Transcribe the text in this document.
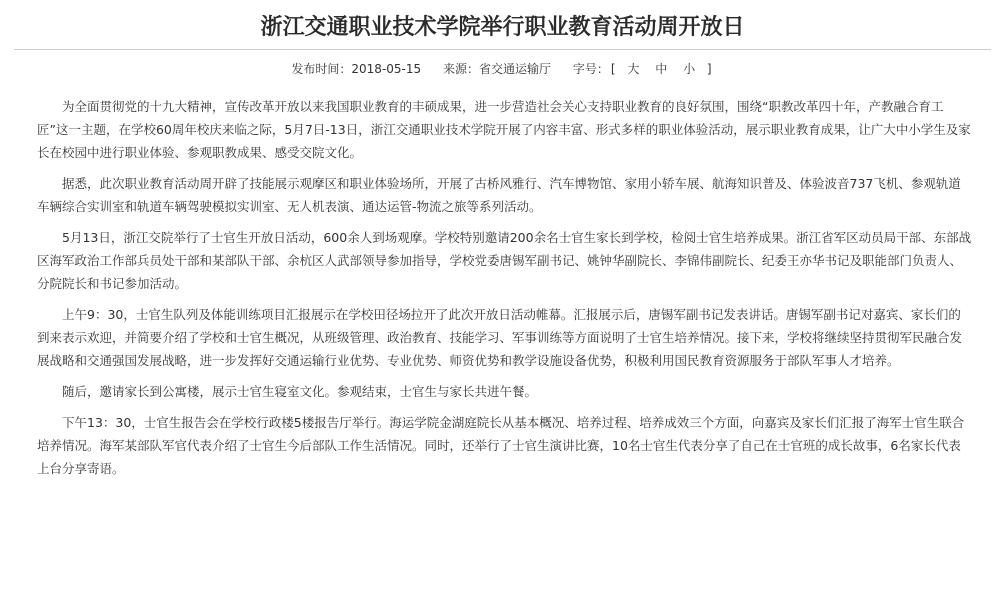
浙江交通职业技术学院举行职业教育活动周开放日
发布时间：2018-05-15 来源：省交通运输厅 字号： [ 大 中 小 ]

为全面贯彻党的十九大精神，宣传改革开放以来我国职业教育的丰硕成果，进一步营造社会关心支持职业教育的良好氛围，围绕“职教改革四十年，产教融合育工匠”这一主题，在学校60周年校庆来临之际，5月7日-13日，浙江交通职业技术学院开展了内容丰富、形式多样的职业体验活动，展示职业教育成果，让广大中小学生及家长在校园中进行职业体验、参观职教成果、感受交院文化。

据悉，此次职业教育活动周开辟了技能展示观摩区和职业体验场所，开展了古桥风雅行、汽车博物馆、家用小轿车展、航海知识普及、体验波音737飞机、参观轨道车辆综合实训室和轨道车辆驾驶模拟实训室、无人机表演、通达运管-物流之旅等系列活动。

5月13日，浙江交院举行了士官生开放日活动，600余人到场观摩。学校特别邀请200余名士官生家长到学校，检阅士官生培养成果。浙江省军区动员局干部、东部战区海军政治工作部兵员处干部和某部队干部、余杭区人武部领导参加指导，学校党委唐锡军副书记、姚钟华副院长、李锦伟副院长、纪委王亦华书记及职能部门负责人、分院院长和书记参加活动。

上午9：30，士官生队列及体能训练项目汇报展示在学校田径场拉开了此次开放日活动帷幕。汇报展示后，唐锡军副书记发表讲话。唐锡军副书记对嘉宾、家长们的到来表示欢迎，并简要介绍了学校和士官生概况，从班级管理、政治教育、技能学习、军事训练等方面说明了士官生培养情况。接下来，学校将继续坚持贯彻军民融合发展战略和交通强国发展战略，进一步发挥好交通运输行业优势、专业优势、师资优势和教学设施设备优势，积极利用国民教育资源服务于部队军事人才培养。

随后，邀请家长到公寓楼，展示士官生寝室文化。参观结束，士官生与家长共进午餐。

下午13：30，士官生报告会在学校行政楼5楼报告厅举行。海运学院金湖庭院长从基本概况、培养过程、培养成效三个方面，向嘉宾及家长们汇报了海军士官生联合培养情况。海军某部队军官代表介绍了士官生今后部队工作生活情况。同时，还举行了士官生演讲比赛，10名士官生代表分享了自己在士官班的成长故事，6名家长代表上台分享寄语。
